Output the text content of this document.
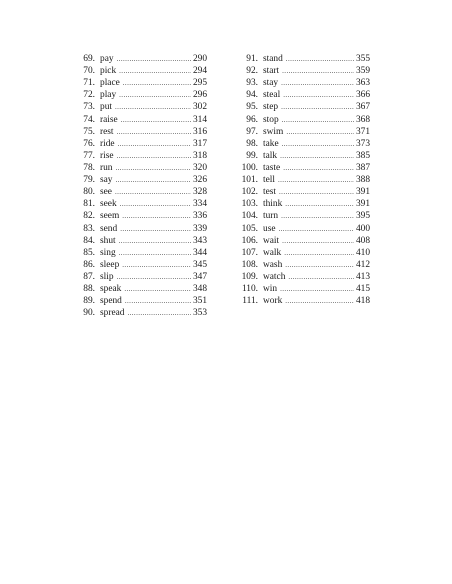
69. pay .....	290
70. pick .....	294
71. place .....	295
72. play .....	296
73. put .....	302
74. raise .....	314
75. rest .....	316
76. ride .....	317
77. rise .....	318
78. run .....	320
79. say .....	326
80. see .....	328
81. seek .....	334
82. seem .....	336
83. send .....	339
84. shut .....	343
85. sing .....	344
86. sleep .....	345
87. slip .....	347
88. speak .....	348
89. spend .....	351
90. spread .....	353
91. stand .....	355
92. start .....	359
93. stay .....	363
94. steal .....	366
95. step .....	367
96. stop .....	368
97. swim .....	371
98. take .....	373
99. talk .....	385
100. taste .....	387
101. tell .....	388
102. test .....	391
103. think .....	391
104. turn .....	395
105. use .....	400
106. wait .....	408
107. walk .....	410
108. wash .....	412
109. watch .....	413
110. win .....	415
111. work .....	418
